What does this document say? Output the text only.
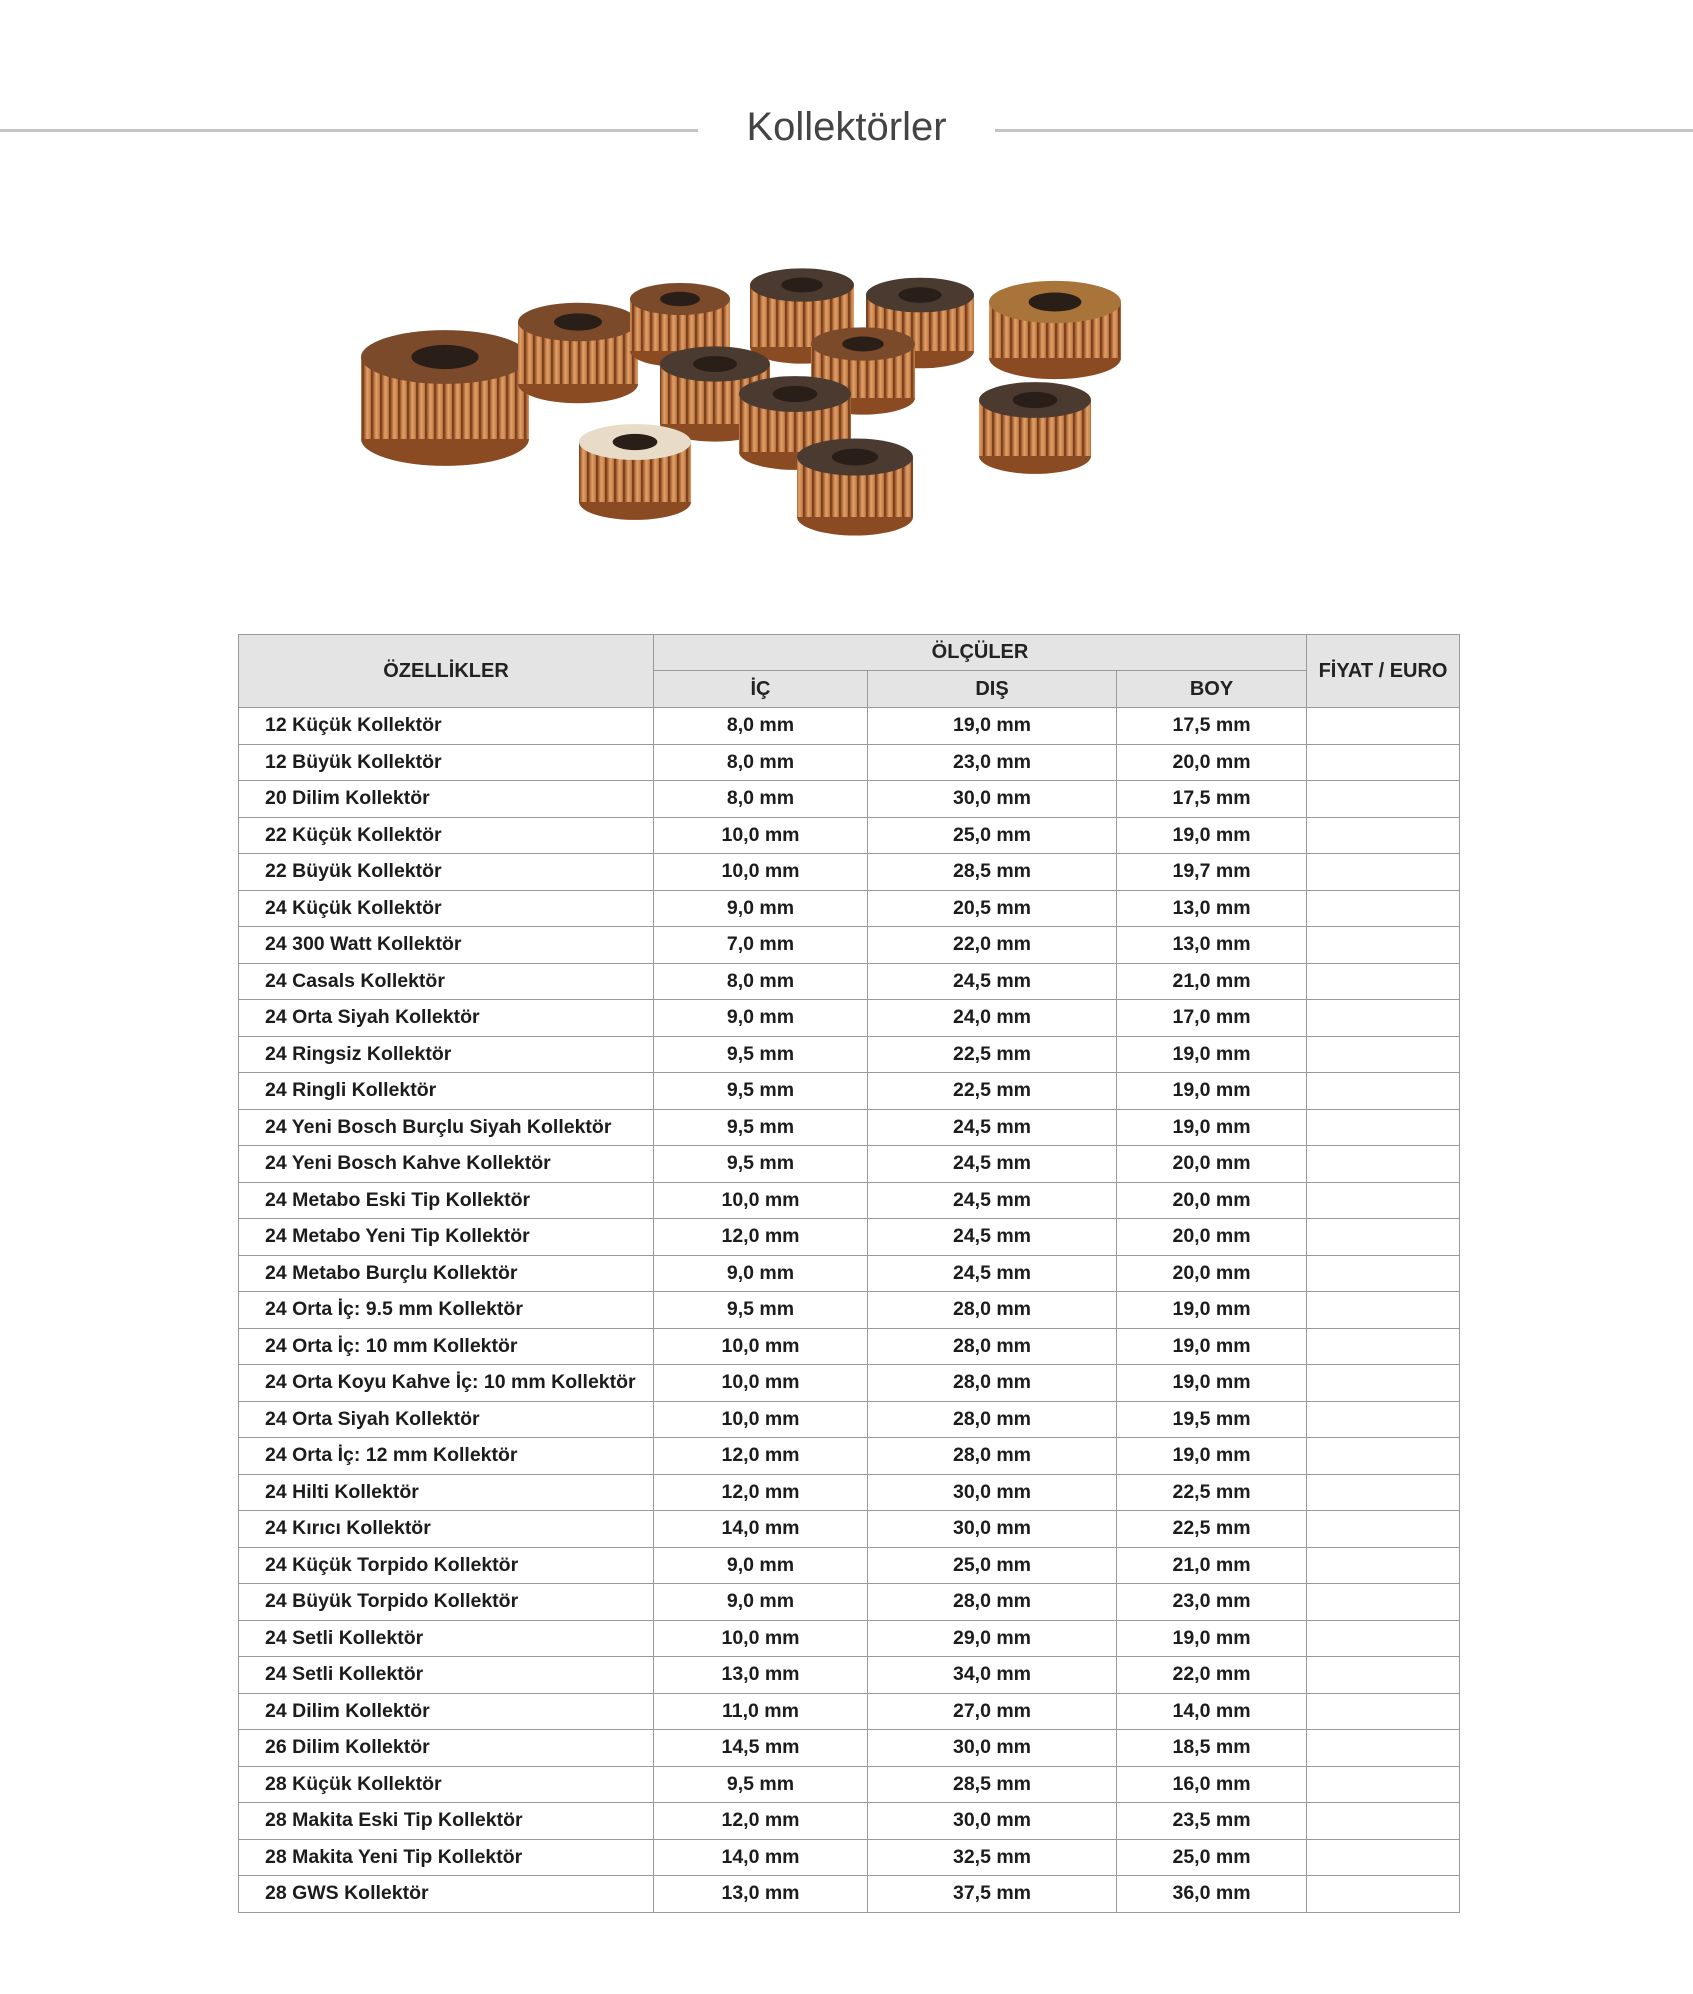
Kollektörler
ÖZELLİKLER	ÖLÇÜLER			FİYAT / EURO
	İÇ	DIŞ	BOY	
12 Küçük Kollektör	8,0 mm	19,0 mm	17,5 mm	
12 Büyük Kollektör	8,0 mm	23,0 mm	20,0 mm	
20 Dilim Kollektör	8,0 mm	30,0 mm	17,5 mm	
22 Küçük Kollektör	10,0 mm	25,0 mm	19,0 mm	
22 Büyük Kollektör	10,0 mm	28,5 mm	19,7 mm	
24 Küçük Kollektör	9,0 mm	20,5 mm	13,0 mm	
24 300 Watt Kollektör	7,0 mm	22,0 mm	13,0 mm	
24 Casals Kollektör	8,0 mm	24,5 mm	21,0 mm	
24 Orta Siyah Kollektör	9,0 mm	24,0 mm	17,0 mm	
24 Ringsiz Kollektör	9,5 mm	22,5 mm	19,0 mm	
24 Ringli Kollektör	9,5 mm	22,5 mm	19,0 mm	
24 Yeni Bosch Burçlu Siyah Kollektör	9,5 mm	24,5 mm	19,0 mm	
24 Yeni Bosch Kahve Kollektör	9,5 mm	24,5 mm	20,0 mm	
24 Metabo Eski Tip Kollektör	10,0 mm	24,5 mm	20,0 mm	
24 Metabo Yeni Tip Kollektör	12,0 mm	24,5 mm	20,0 mm	
24 Metabo Burçlu Kollektör	9,0 mm	24,5 mm	20,0 mm	
24 Orta İç: 9.5 mm Kollektör	9,5 mm	28,0 mm	19,0 mm	
24 Orta İç: 10 mm Kollektör	10,0 mm	28,0 mm	19,0 mm	
24 Orta Koyu Kahve İç: 10 mm Kollektör	10,0 mm	28,0 mm	19,0 mm	
24 Orta Siyah Kollektör	10,0 mm	28,0 mm	19,5 mm	
24 Orta İç: 12 mm Kollektör	12,0 mm	28,0 mm	19,0 mm	
24 Hilti Kollektör	12,0 mm	30,0 mm	22,5 mm	
24 Kırıcı Kollektör	14,0 mm	30,0 mm	22,5 mm	
24 Küçük Torpido Kollektör	9,0 mm	25,0 mm	21,0 mm	
24 Büyük Torpido Kollektör	9,0 mm	28,0 mm	23,0 mm	
24 Setli Kollektör	10,0 mm	29,0 mm	19,0 mm	
24 Setli Kollektör	13,0 mm	34,0 mm	22,0 mm	
24 Dilim Kollektör	11,0 mm	27,0 mm	14,0 mm	
26 Dilim Kollektör	14,5 mm	30,0 mm	18,5 mm	
28 Küçük Kollektör	9,5 mm	28,5 mm	16,0 mm	
28 Makita Eski Tip Kollektör	12,0 mm	30,0 mm	23,5 mm	
28 Makita Yeni Tip Kollektör	14,0 mm	32,5 mm	25,0 mm	
28 GWS Kollektör	13,0 mm	37,5 mm	36,0 mm	
